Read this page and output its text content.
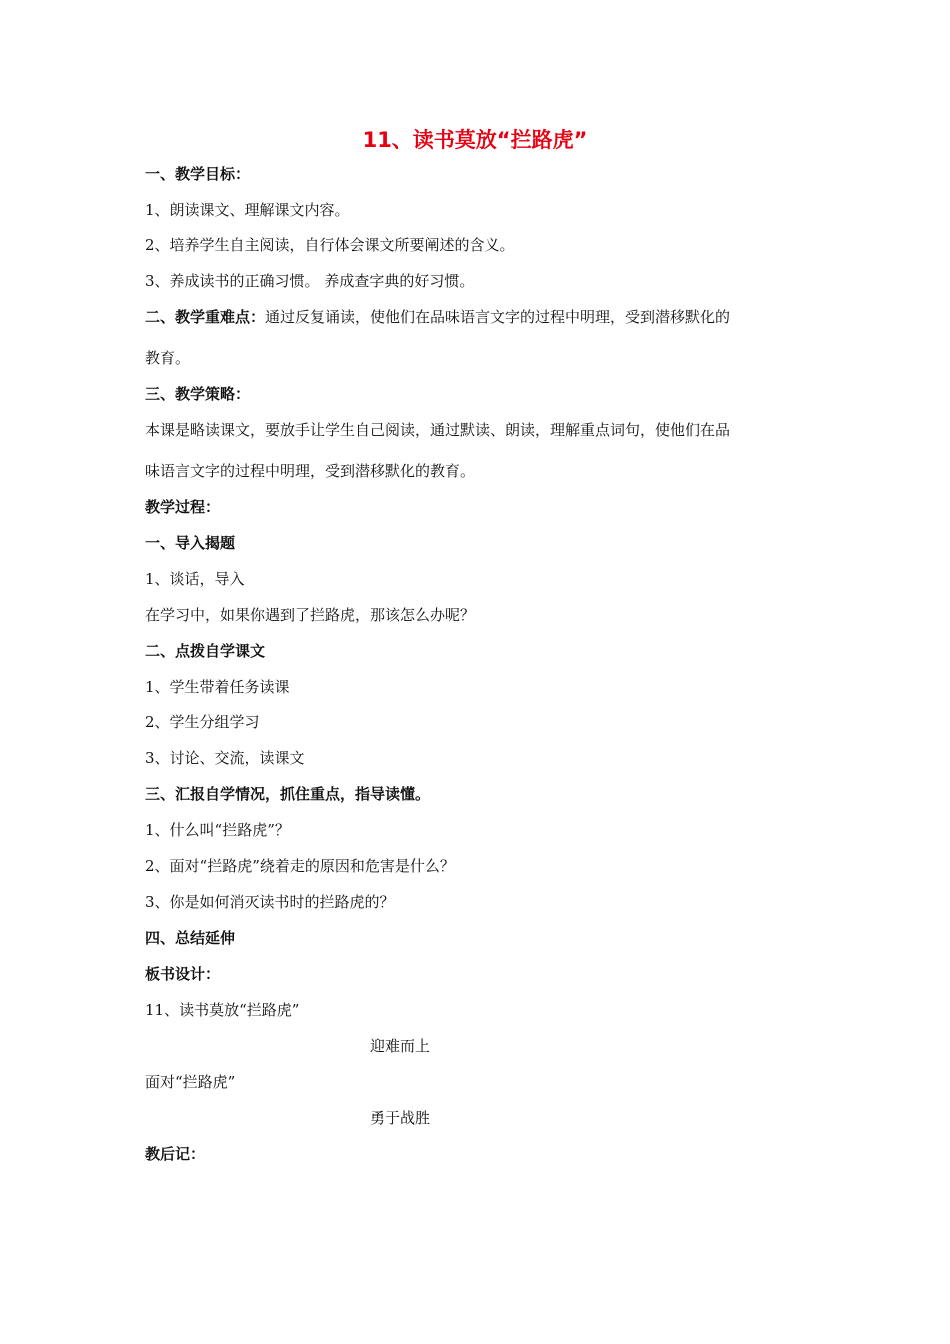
11、读书莫放“拦路虎”
一、教学目标：
1、朗读课文、理解课文内容。
2、培养学生自主阅读，自行体会课文所要阐述的含义。
3、养成读书的正确习惯。 养成查字典的好习惯。
二、教学重难点：通过反复诵读，使他们在品味语言文字的过程中明理，受到潜移默化的
教育。
三、教学策略：
本课是略读课文，要放手让学生自己阅读，通过默读、朗读，理解重点词句，使他们在品
味语言文字的过程中明理，受到潜移默化的教育。
教学过程：
一、导入揭题
1、谈话，导入
在学习中，如果你遇到了拦路虎，那该怎么办呢？
二、点拨自学课文
1、学生带着任务读课
2、学生分组学习
3、讨论、交流，读课文
三、汇报自学情况，抓住重点，指导读懂。
1、什么叫“拦路虎”？
2、面对“拦路虎”绕着走的原因和危害是什么？
3、你是如何消灭读书时的拦路虎的？
四、总结延伸
板书设计：
11、读书莫放“拦路虎”
迎难而上
面对“拦路虎”
勇于战胜
教后记：
